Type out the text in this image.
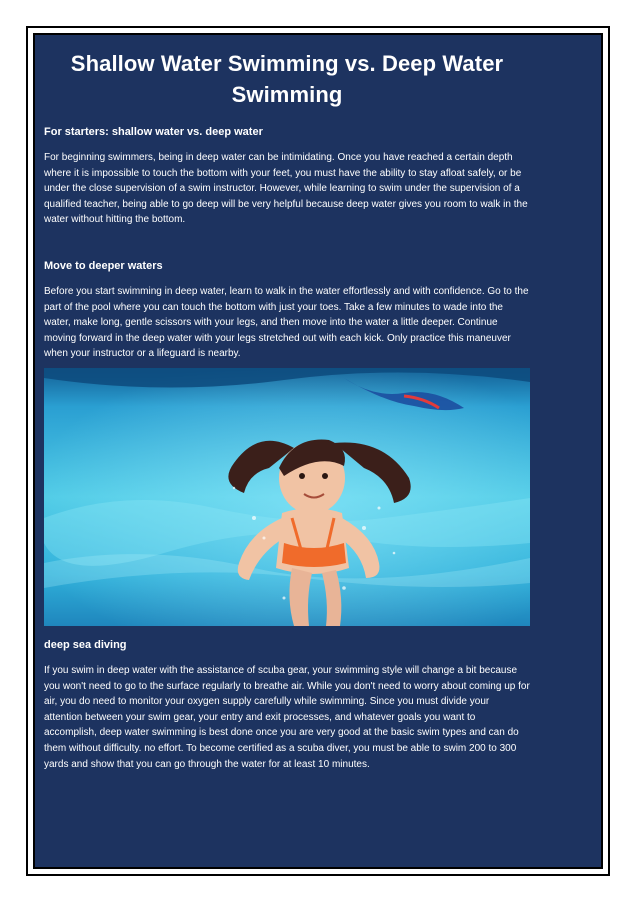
Shallow Water Swimming vs. Deep Water Swimming
For starters: shallow water vs. deep water

For beginning swimmers, being in deep water can be intimidating. Once you have reached a certain depth where it is impossible to touch the bottom with your feet, you must have the ability to stay afloat safely, or be under the close supervision of a swim instructor. However, while learning to swim under the supervision of a qualified teacher, being able to go deep will be very helpful because deep water gives you room to walk in the water without hitting the bottom.

Move to deeper waters

Before you start swimming in deep water, learn to walk in the water effortlessly and with confidence. Go to the part of the pool where you can touch the bottom with just your toes. Take a few minutes to wade into the water, make long, gentle scissors with your legs, and then move into the water a little deeper. Continue moving forward in the deep water with your legs stretched out with each kick. Only practice this maneuver when your instructor or a lifeguard is nearby.

deep sea diving

If you swim in deep water with the assistance of scuba gear, your swimming style will change a bit because you won't need to go to the surface regularly to breathe air. While you don't need to worry about coming up for air, you do need to monitor your oxygen supply carefully while swimming. Since you must divide your attention between your swim gear, your entry and exit processes, and whatever goals you want to accomplish, deep water swimming is best done once you are very good at the basic swim types and can do them without difficulty. no effort. To become certified as a scuba diver, you must be able to swim 200 to 300 yards and show that you can go through the water for at least 10 minutes.
